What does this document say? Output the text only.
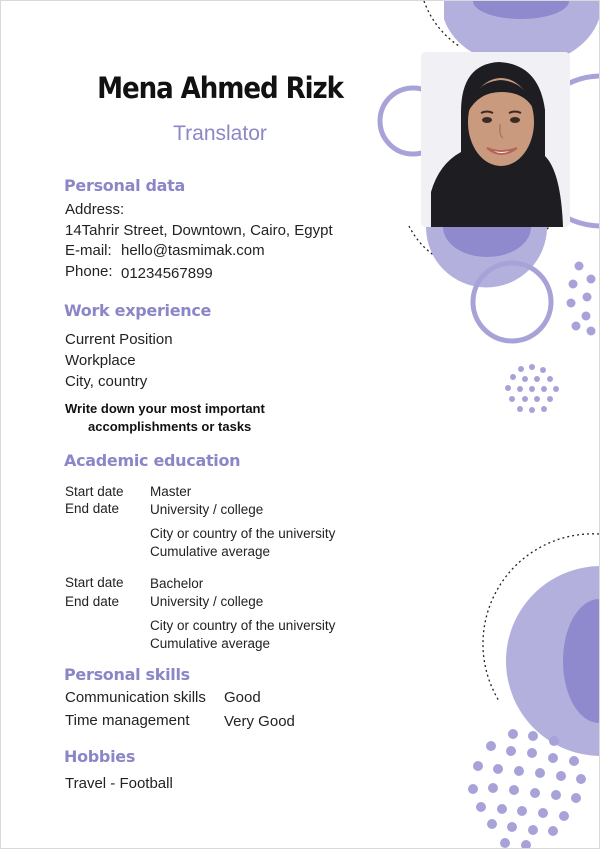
Mena Ahmed Rizk
Translator
Personal data
Address:
14Tahrir Street, Downtown, Cairo, Egypt
E-mail: hello@tasmimak.com
Phone: 01234567899
Work experience
Current Position
Workplace
City, country
Write down your most important
accomplishments or tasks
Academic education
Start date
End date
Master
University / college
City or country of the university
Cumulative average
Start date
End date
Bachelor
University / college
City or country of the university
Cumulative average
Personal skills
Communication skills Good
Time management Very Good
Hobbies
Travel - Football
